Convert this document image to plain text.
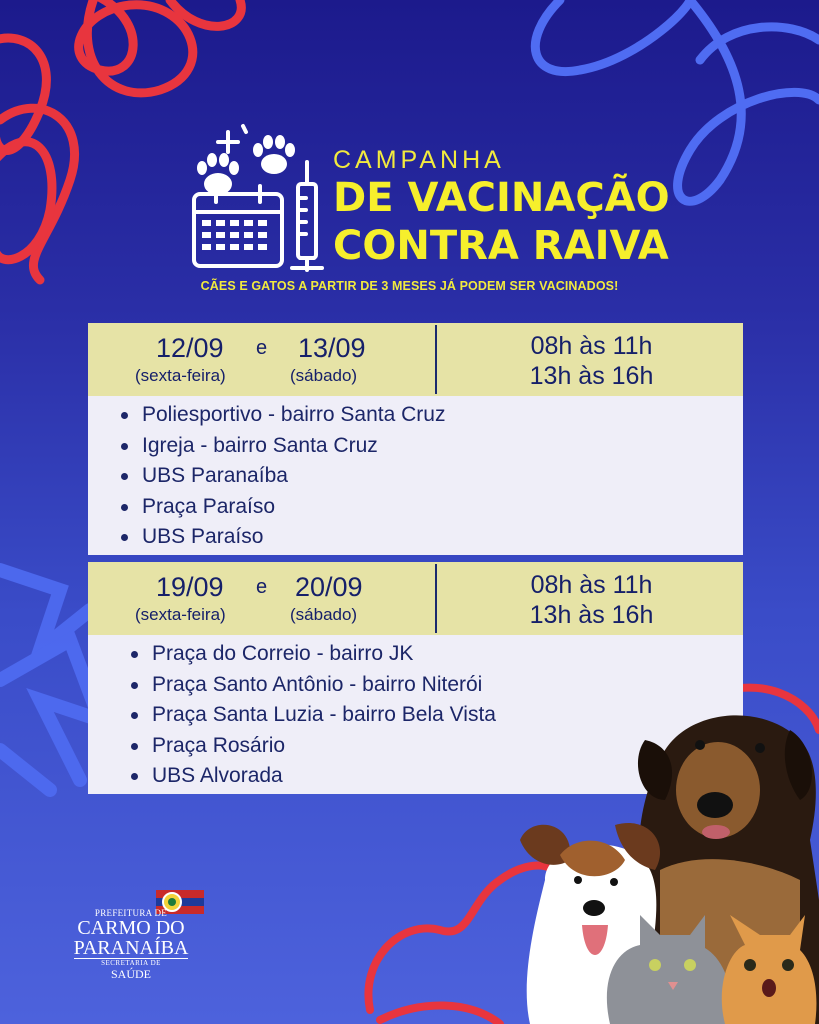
CAMPANHA
DE VACINAÇÃO
CONTRA RAIVA
CÃES E GATOS A PARTIR DE 3 MESES JÁ PODEM SER VACINADOS!
12/09 e 13/09
(sexta-feira)	(sábado)
08h às 11h
13h às 16h
Poliesportivo - bairro Santa Cruz
Igreja - bairro Santa Cruz
UBS Paranaíba
Praça Paraíso
UBS Paraíso
19/09 e 20/09
(sexta-feira)	(sábado)
08h às 11h
13h às 16h
Praça do Correio - bairro JK
Praça Santo Antônio - bairro Niterói
Praça Santa Luzia - bairro Bela Vista
Praça Rosário
UBS Alvorada
PREFEITURA DE
CARMO DO
PARANAÍBA
SECRETARIA DE
SAÚDE
